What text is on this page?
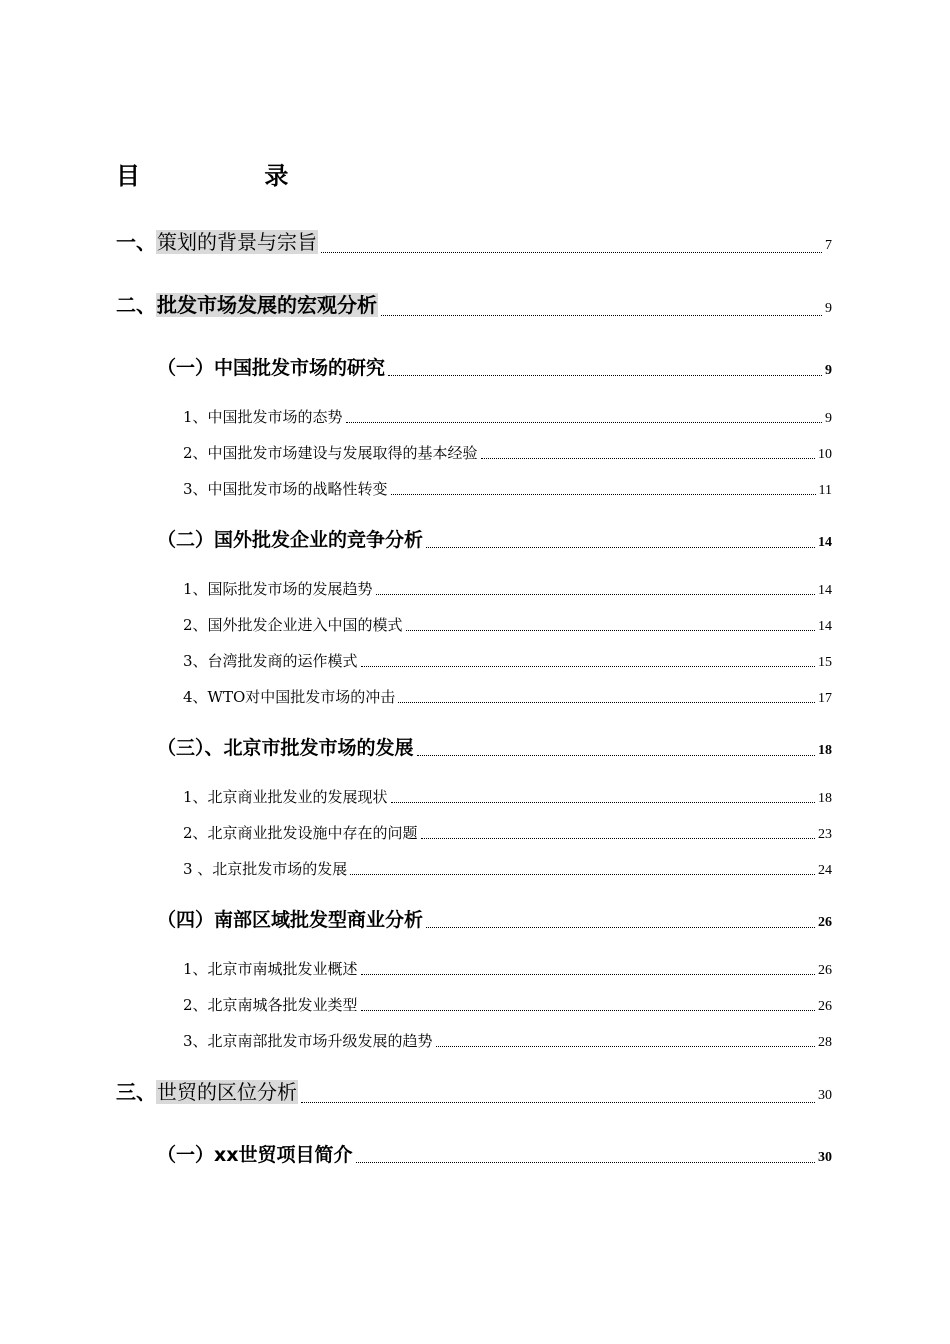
目 录
一、策划的背景与宗旨	7
二、批发市场发展的宏观分析	9
（一）中国批发市场的研究	9
1、中国批发市场的态势	9
2、中国批发市场建设与发展取得的基本经验	10
3、中国批发市场的战略性转变	11
（二）国外批发企业的竞争分析	14
1、国际批发市场的发展趋势	14
2、国外批发企业进入中国的模式	14
3、台湾批发商的运作模式	15
4、WTO对中国批发市场的冲击	17
（三）、北京市批发市场的发展	18
1、北京商业批发业的发展现状	18
2、北京商业批发设施中存在的问题	23
3 、北京批发市场的发展	24
（四）南部区域批发型商业分析	26
1、北京市南城批发业概述	26
2、北京南城各批发业类型	26
3、北京南部批发市场升级发展的趋势	28
三、世贸的区位分析	30
（一）xx世贸项目简介	30
